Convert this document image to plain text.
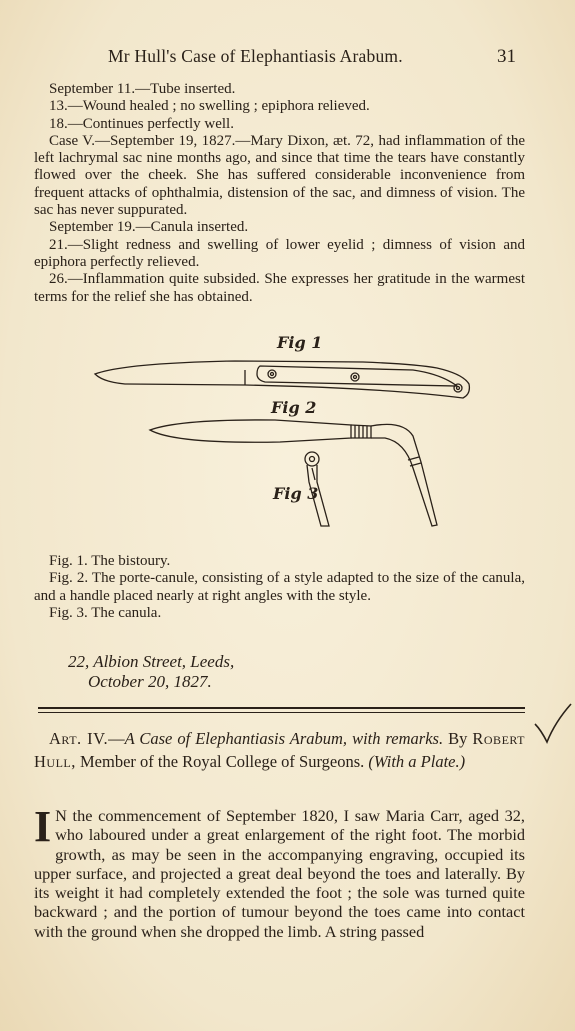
Mr Hull's Case of Elephantiasis Arabum.	31

September 11.—Tube inserted.

13.—Wound healed ; no swelling ; epiphora relieved.

18.—Continues perfectly well.

Case V.—September 19, 1827.—Mary Dixon, æt. 72, had inflammation of the left lachrymal sac nine months ago, and since that time the tears have constantly flowed over the cheek. She has suffered considerable inconvenience from frequent attacks of ophthalmia, distension of the sac, and dimness of vision. The sac has never suppurated.

September 19.—Canula inserted.

21.—Slight redness and swelling of lower eyelid ; dimness of vision and epiphora perfectly relieved.

26.—Inflammation quite subsided. She expresses her gratitude in the warmest terms for the relief she has obtained.

Fig 1
Fig 2
Fig 3

Fig. 1. The bistoury.

Fig. 2. The porte-canule, consisting of a style adapted to the size of the canula, and a handle placed nearly at right angles with the style.

Fig. 3. The canula.

22, Albion Street, Leeds,
October 20, 1827.

Art. IV.—A Case of Elephantiasis Arabum, with remarks. By Robert Hull, Member of the Royal College of Surgeons. (With a Plate.)

I N the commencement of September 1820, I saw Maria Carr, aged 32, who laboured under a great enlargement of the right foot. The morbid growth, as may be seen in the accompanying engraving, occupied its upper surface, and projected a great deal beyond the toes and laterally. By its weight it had completely extended the foot ; the sole was turned quite backward ; and the portion of tumour beyond the toes came into contact with the ground when she dropped the limb. A string passed
